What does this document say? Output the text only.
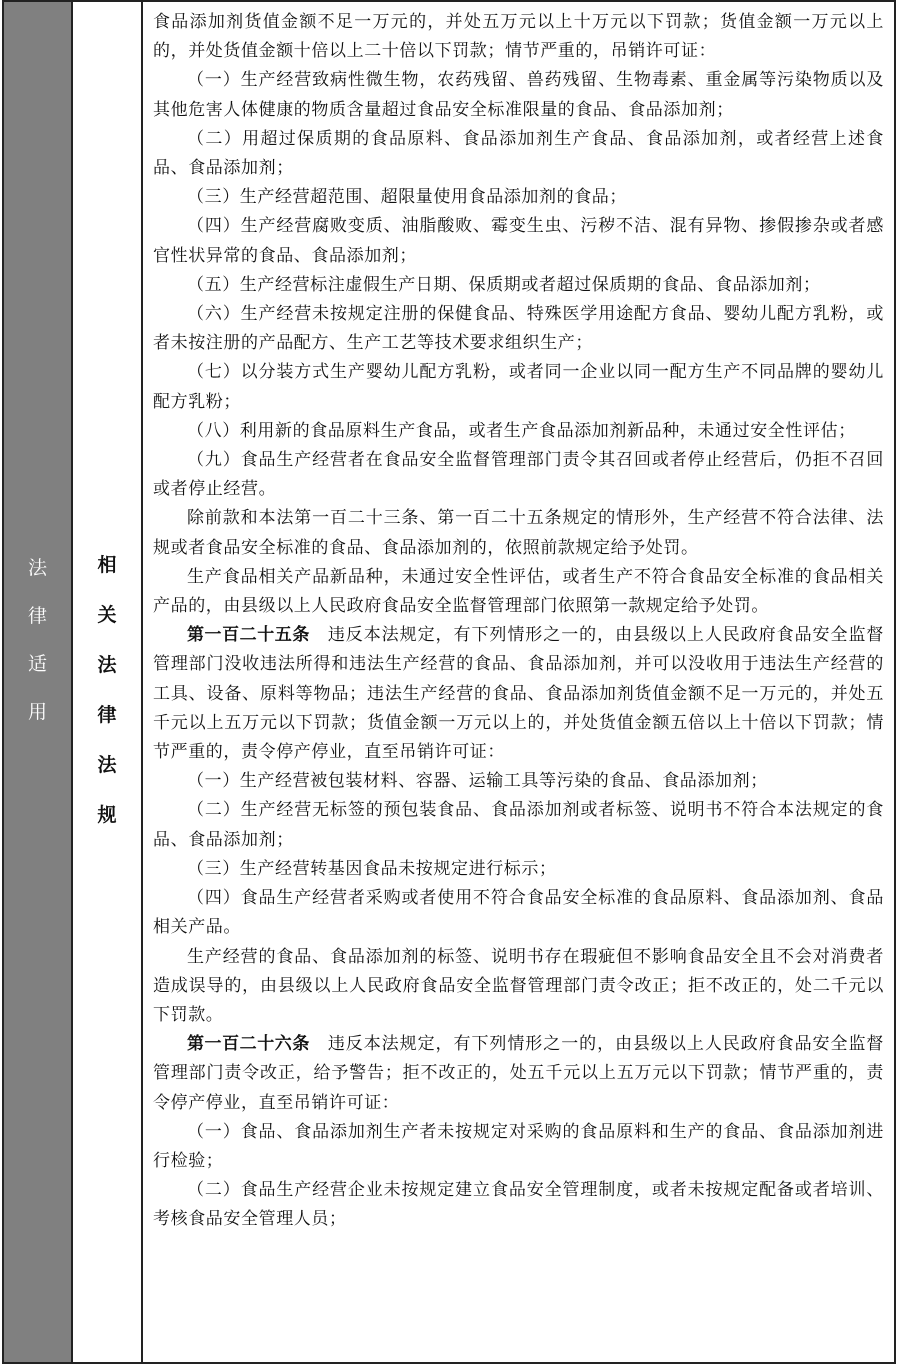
法
律
适
用
相
关
法
律
法
规

食品添加剂货值金额不足一万元的，并处五万元以上十万元以下罚款；货值金额一万元以上的，并处货值金额十倍以上二十倍以下罚款；情节严重的，吊销许可证：

（一）生产经营致病性微生物，农药残留、兽药残留、生物毒素、重金属等污染物质以及其他危害人体健康的物质含量超过食品安全标准限量的食品、食品添加剂；

（二）用超过保质期的食品原料、食品添加剂生产食品、食品添加剂，或者经营上述食品、食品添加剂；

（三）生产经营超范围、超限量使用食品添加剂的食品；

（四）生产经营腐败变质、油脂酸败、霉变生虫、污秽不洁、混有异物、掺假掺杂或者感官性状异常的食品、食品添加剂；

（五）生产经营标注虚假生产日期、保质期或者超过保质期的食品、食品添加剂；

（六）生产经营未按规定注册的保健食品、特殊医学用途配方食品、婴幼儿配方乳粉，或者未按注册的产品配方、生产工艺等技术要求组织生产；

（七）以分装方式生产婴幼儿配方乳粉，或者同一企业以同一配方生产不同品牌的婴幼儿配方乳粉；

（八）利用新的食品原料生产食品，或者生产食品添加剂新品种，未通过安全性评估；

（九）食品生产经营者在食品安全监督管理部门责令其召回或者停止经营后，仍拒不召回或者停止经营。

除前款和本法第一百二十三条、第一百二十五条规定的情形外，生产经营不符合法律、法规或者食品安全标准的食品、食品添加剂的，依照前款规定给予处罚。

生产食品相关产品新品种，未通过安全性评估，或者生产不符合食品安全标准的食品相关产品的，由县级以上人民政府食品安全监督管理部门依照第一款规定给予处罚。

第一百二十五条　违反本法规定，有下列情形之一的，由县级以上人民政府食品安全监督管理部门没收违法所得和违法生产经营的食品、食品添加剂，并可以没收用于违法生产经营的工具、设备、原料等物品；违法生产经营的食品、食品添加剂货值金额不足一万元的，并处五千元以上五万元以下罚款；货值金额一万元以上的，并处货值金额五倍以上十倍以下罚款；情节严重的，责令停产停业，直至吊销许可证：

（一）生产经营被包装材料、容器、运输工具等污染的食品、食品添加剂；

（二）生产经营无标签的预包装食品、食品添加剂或者标签、说明书不符合本法规定的食品、食品添加剂；

（三）生产经营转基因食品未按规定进行标示；

（四）食品生产经营者采购或者使用不符合食品安全标准的食品原料、食品添加剂、食品相关产品。

生产经营的食品、食品添加剂的标签、说明书存在瑕疵但不影响食品安全且不会对消费者造成误导的，由县级以上人民政府食品安全监督管理部门责令改正；拒不改正的，处二千元以下罚款。

第一百二十六条　违反本法规定，有下列情形之一的，由县级以上人民政府食品安全监督管理部门责令改正，给予警告；拒不改正的，处五千元以上五万元以下罚款；情节严重的，责令停产停业，直至吊销许可证：

（一）食品、食品添加剂生产者未按规定对采购的食品原料和生产的食品、食品添加剂进行检验；

（二）食品生产经营企业未按规定建立食品安全管理制度，或者未按规定配备或者培训、考核食品安全管理人员；
